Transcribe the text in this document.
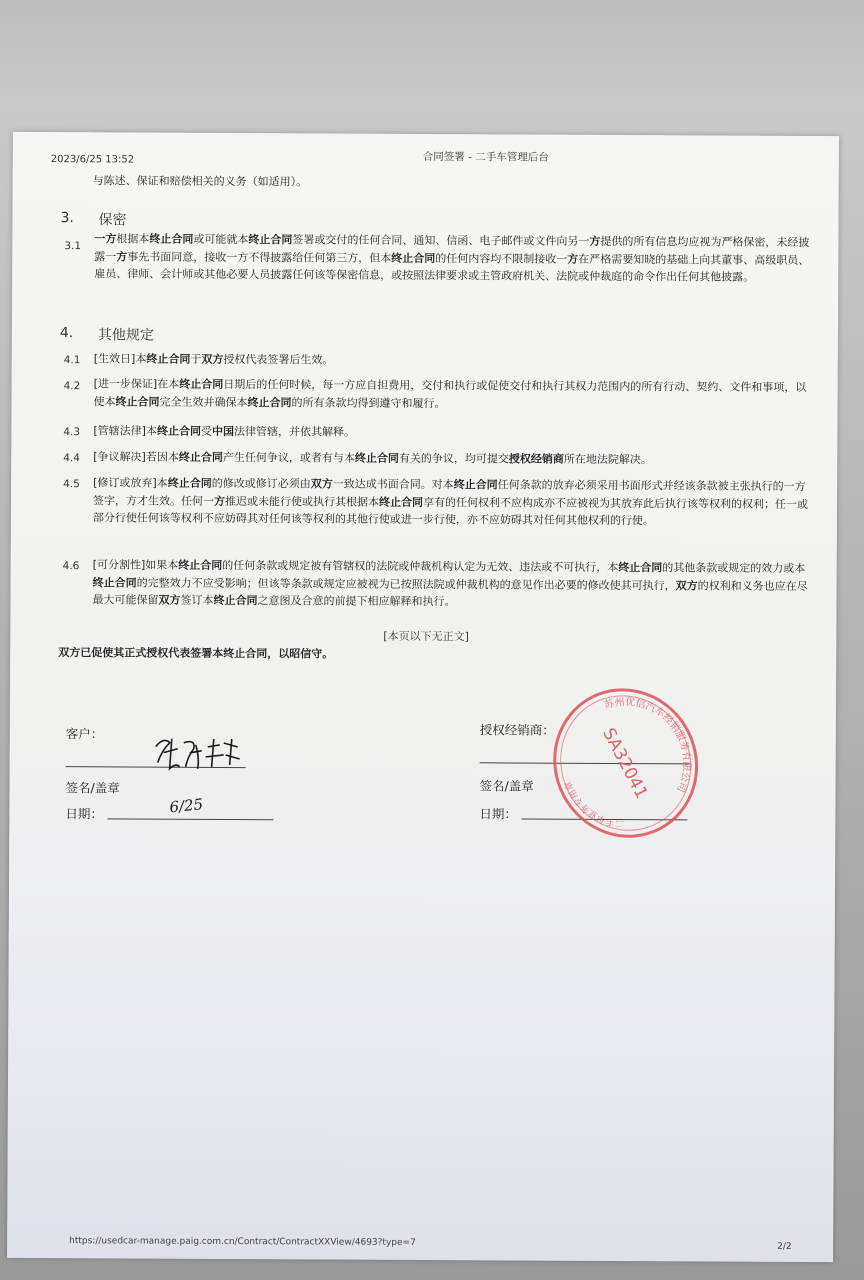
2023/6/25 13:52	合同签署 - 二手车管理后台
与陈述、保证和赔偿相关的义务（如适用）。
3. 保密
3.1
一方根据本终止合同或可能就本终止合同签署或交付的任何合同、通知、信函、电子邮件或文件向另一方提供的所有信息均应视为严格保密，未经披露一方事先书面同意，接收一方不得披露给任何第三方，但本终止合同的任何内容均不限制接收一方在严格需要知晓的基础上向其董事、高级职员、雇员、律师、会计师或其他必要人员披露任何该等保密信息，或按照法律要求或主管政府机关、法院或仲裁庭的命令作出任何其他披露。
4. 其他规定
4.1 [生效日]本终止合同于双方授权代表签署后生效。
4.2 [进一步保证]在本终止合同日期后的任何时候，每一方应自担费用，交付和执行或促使交付和执行其权力范围内的所有行动、契约、文件和事项，以使本终止合同完全生效并确保本终止合同的所有条款均得到遵守和履行。
4.3 [管辖法律]本终止合同受中国法律管辖，并依其解释。
4.4 [争议解决]若因本终止合同产生任何争议，或者有与本终止合同有关的争议，均可提交授权经销商所在地法院解决。
4.5 [修订或放弃]本终止合同的修改或修订必须由双方一致达成书面合同。对本终止合同任何条款的放弃必须采用书面形式并经该条款被主张执行的一方签字，方才生效。任何一方推迟或未能行使或执行其根据本终止合同享有的任何权利不应构成亦不应被视为其放弃此后执行该等权利的权利；任一或部分行使任何该等权利不应妨碍其对任何该等权利的其他行使或进一步行使，亦不应妨碍其对任何其他权利的行使。
4.6 [可分割性]如果本终止合同的任何条款或规定被有管辖权的法院或仲裁机构认定为无效、违法或不可执行，本终止合同的其他条款或规定的效力或本终止合同的完整效力不应受影响；但该等条款或规定应被视为已按照法院或仲裁机构的意见作出必要的修改使其可执行，双方的权利和义务也应在尽最大可能保留双方签订本终止合同之意图及合意的前提下相应解释和执行。
[本页以下无正文]
双方已促使其正式授权代表签署本终止合同，以昭信守。
客户：
签名/盖章
日期：	6/25
授权经销商：
签名/盖章
日期：
苏州优信汽车经销服务有限公司
二手车业务专用章	SA32041
https://usedcar-manage.paig.com.cn/Contract/ContractXXView/4693?type=7	2/2
